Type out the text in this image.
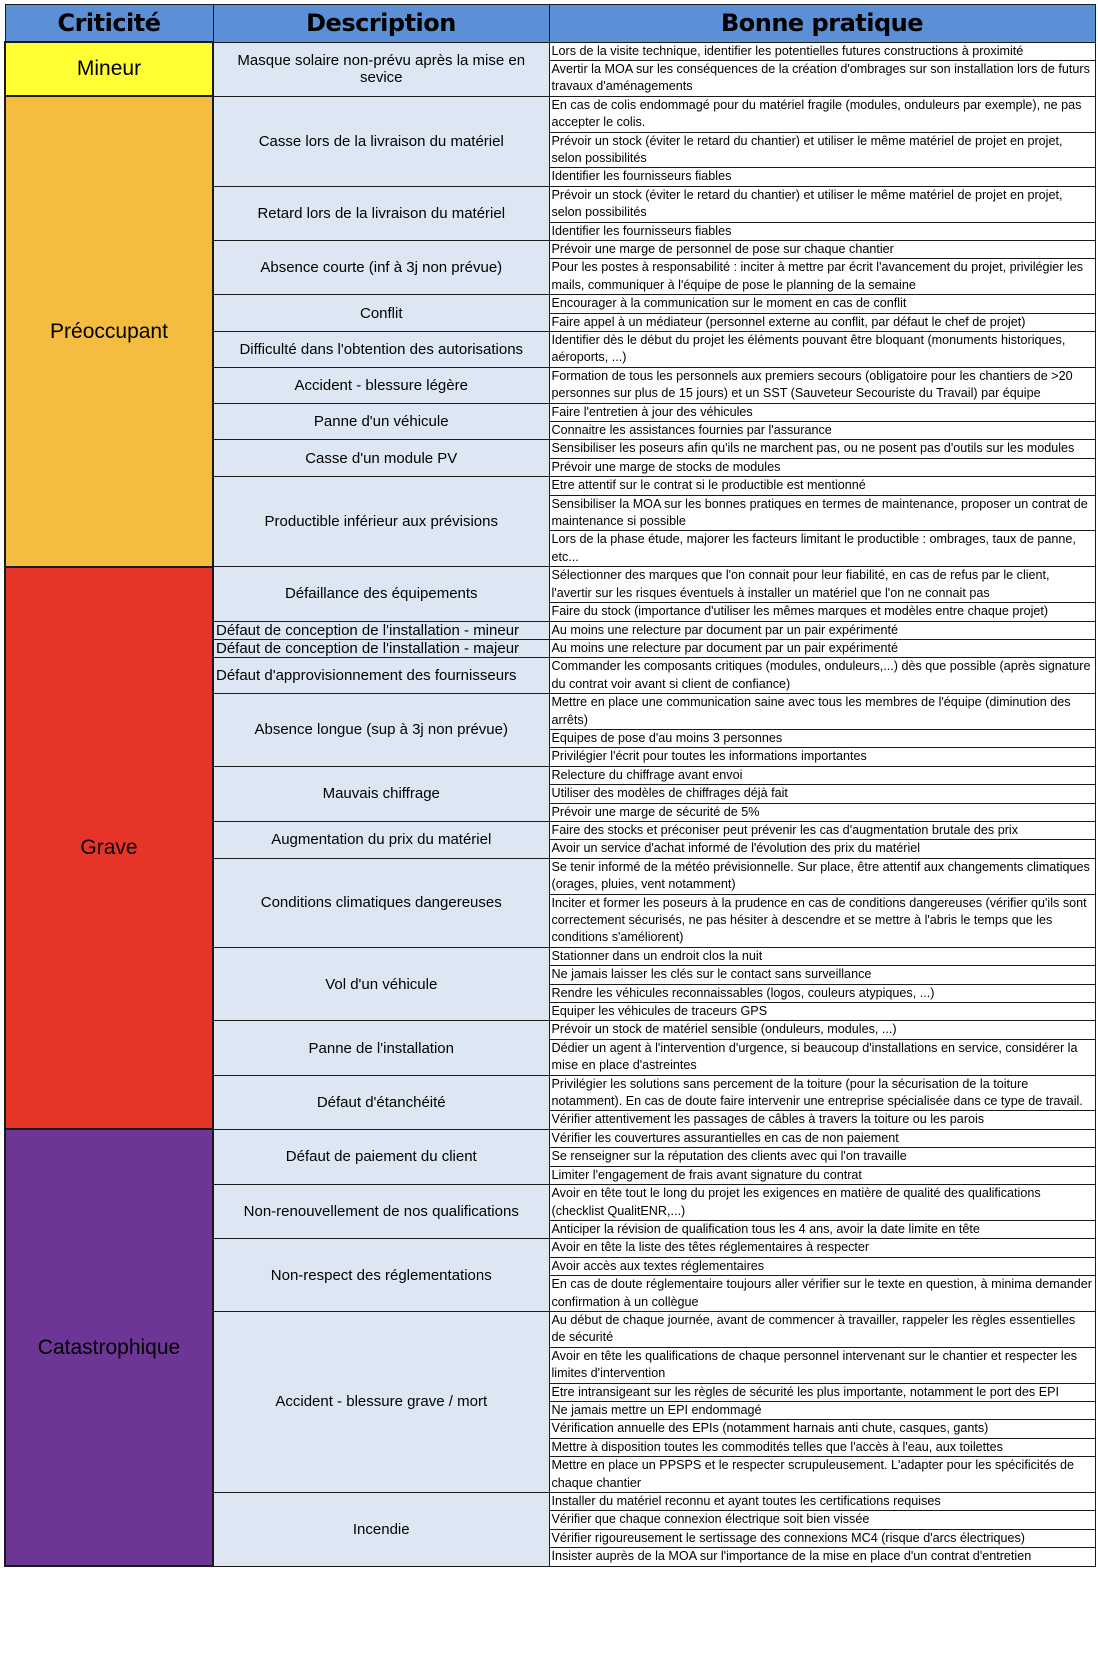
Criticité	Description	Bonne pratique
Mineur	Masque solaire non-prévu après la mise en sevice	Lors de la visite technique, identifier les potentielles futures constructions à proximité
		Avertir la MOA sur les conséquences de la création d'ombrages sur son installation lors de futurs travaux d'aménagements
Préoccupant	Casse lors de la livraison du matériel	En cas de colis endommagé pour du matériel fragile (modules, onduleurs par exemple), ne pas accepter le colis.
		Prévoir un stock (éviter le retard du chantier) et utiliser le même matériel de projet en projet, selon possibilités
		Identifier les fournisseurs fiables
	Retard lors de la livraison du matériel	Prévoir un stock (éviter le retard du chantier) et utiliser le même matériel de projet en projet, selon possibilités
		Identifier les fournisseurs fiables
	Absence courte (inf à 3j non prévue)	Prévoir une marge de personnel de pose sur chaque chantier
		Pour les postes à responsabilité : inciter à mettre par écrit l'avancement du projet, privilégier les mails, communiquer à l'équipe de pose le planning de la semaine
	Conflit	Encourager à la communication sur le moment en cas de conflit
		Faire appel à un médiateur (personnel externe au conflit, par défaut le chef de projet)
	Difficulté dans l'obtention des autorisations	Identifier dès le début du projet les éléments pouvant être bloquant (monuments historiques, aéroports, ...)
	Accident - blessure légère	Formation de tous les personnels aux premiers secours (obligatoire pour les chantiers de >20 personnes sur plus de 15 jours) et un SST (Sauveteur Secouriste du Travail) par équipe
	Panne d'un véhicule	Faire l'entretien à jour des véhicules
		Connaitre les assistances fournies par l'assurance
	Casse d'un module PV	Sensibiliser les poseurs afin qu'ils ne marchent pas, ou ne posent pas d'outils sur les modules
		Prévoir une marge de stocks de modules
	Productible inférieur aux prévisions	Etre attentif sur le contrat si le productible est mentionné
		Sensibiliser la MOA sur les bonnes pratiques en termes de maintenance, proposer un contrat de maintenance si possible
		Lors de la phase étude, majorer les facteurs limitant le productible : ombrages, taux de panne, etc...
Grave	Défaillance des équipements	Sélectionner des marques que l'on connait pour leur fiabilité, en cas de refus par le client, l'avertir sur les risques éventuels à installer un matériel que l'on ne connait pas
		Faire du stock (importance d'utiliser les mêmes marques et modèles entre chaque projet)
	Défaut de conception de l'installation - mineur	Au moins une relecture par document par un pair expérimenté
	Défaut de conception de l'installation - majeur	Au moins une relecture par document par un pair expérimenté
	Défaut d'approvisionnement des fournisseurs	Commander les composants critiques (modules, onduleurs,...) dès que possible (après signature du contrat voir avant si client de confiance)
	Absence longue (sup à 3j non prévue)	Mettre en place une communication saine avec tous les membres de l'équipe (diminution des arrêts)
		Equipes de pose d'au moins 3 personnes
		Privilégier l'écrit pour toutes les informations importantes
	Mauvais chiffrage	Relecture du chiffrage avant envoi
		Utiliser des modèles de chiffrages déjà fait
		Prévoir une marge de sécurité de 5%
	Augmentation du prix du matériel	Faire des stocks et préconiser peut prévenir les cas d'augmentation brutale des prix
		Avoir un service d'achat informé de l'évolution des prix du matériel
	Conditions climatiques dangereuses	Se tenir informé de la météo prévisionnelle. Sur place, être attentif aux changements climatiques (orages, pluies, vent notamment)
		Inciter et former les poseurs à la prudence en cas de conditions dangereuses (vérifier qu'ils sont correctement sécurisés, ne pas hésiter à descendre et se mettre à l'abris le temps que les conditions s'améliorent)
	Vol d'un véhicule	Stationner dans un endroit clos la nuit
		Ne jamais laisser les clés sur le contact sans surveillance
		Rendre les véhicules reconnaissables (logos, couleurs atypiques, ...)
		Equiper les véhicules de traceurs GPS
	Panne de l'installation	Prévoir un stock de matériel sensible (onduleurs, modules, ...)
		Dédier un agent à l'intervention d'urgence, si beaucoup d'installations en service, considérer la mise en place d'astreintes
	Défaut d'étanchéité	Privilégier les solutions sans percement de la toiture (pour la sécurisation de la toiture notamment). En cas de doute faire intervenir une entreprise spécialisée dans ce type de travail.
		Vérifier attentivement les passages de câbles à travers la toiture ou les parois
Catastrophique	Défaut de paiement du client	Vérifier les couvertures assurantielles en cas de non paiement
		Se renseigner sur la réputation des clients avec qui l'on travaille
		Limiter l'engagement de frais avant signature du contrat
	Non-renouvellement de nos qualifications	Avoir en tête tout le long du projet les exigences en matière de qualité des qualifications (checklist QualitENR,...)
		Anticiper la révision de qualification tous les 4 ans, avoir la date limite en tête
	Non-respect des réglementations	Avoir en tête la liste des têtes réglementaires à respecter
		Avoir accès aux textes réglementaires
		En cas de doute réglementaire toujours aller vérifier sur le texte en question, à minima demander confirmation à un collègue
	Accident - blessure grave / mort	Au début de chaque journée, avant de commencer à travailler, rappeler les règles essentielles de sécurité
		Avoir en tête les qualifications de chaque personnel intervenant sur le chantier et respecter les limites d'intervention
		Etre intransigeant sur les règles de sécurité les plus importante, notamment le port des EPI
		Ne jamais mettre un EPI endommagé
		Vérification annuelle des EPIs (notamment harnais anti chute, casques, gants)
		Mettre à disposition toutes les commodités telles que l'accès à l'eau, aux toilettes
		Mettre en place un PPSPS et le respecter scrupuleusement. L'adapter pour les spécificités de chaque chantier
	Incendie	Installer du matériel reconnu et ayant toutes les certifications requises
		Vérifier que chaque connexion électrique soit bien vissée
		Vérifier rigoureusement le sertissage des connexions MC4 (risque d'arcs électriques)
		Insister auprès de la MOA sur l'importance de la mise en place d'un contrat d'entretien
